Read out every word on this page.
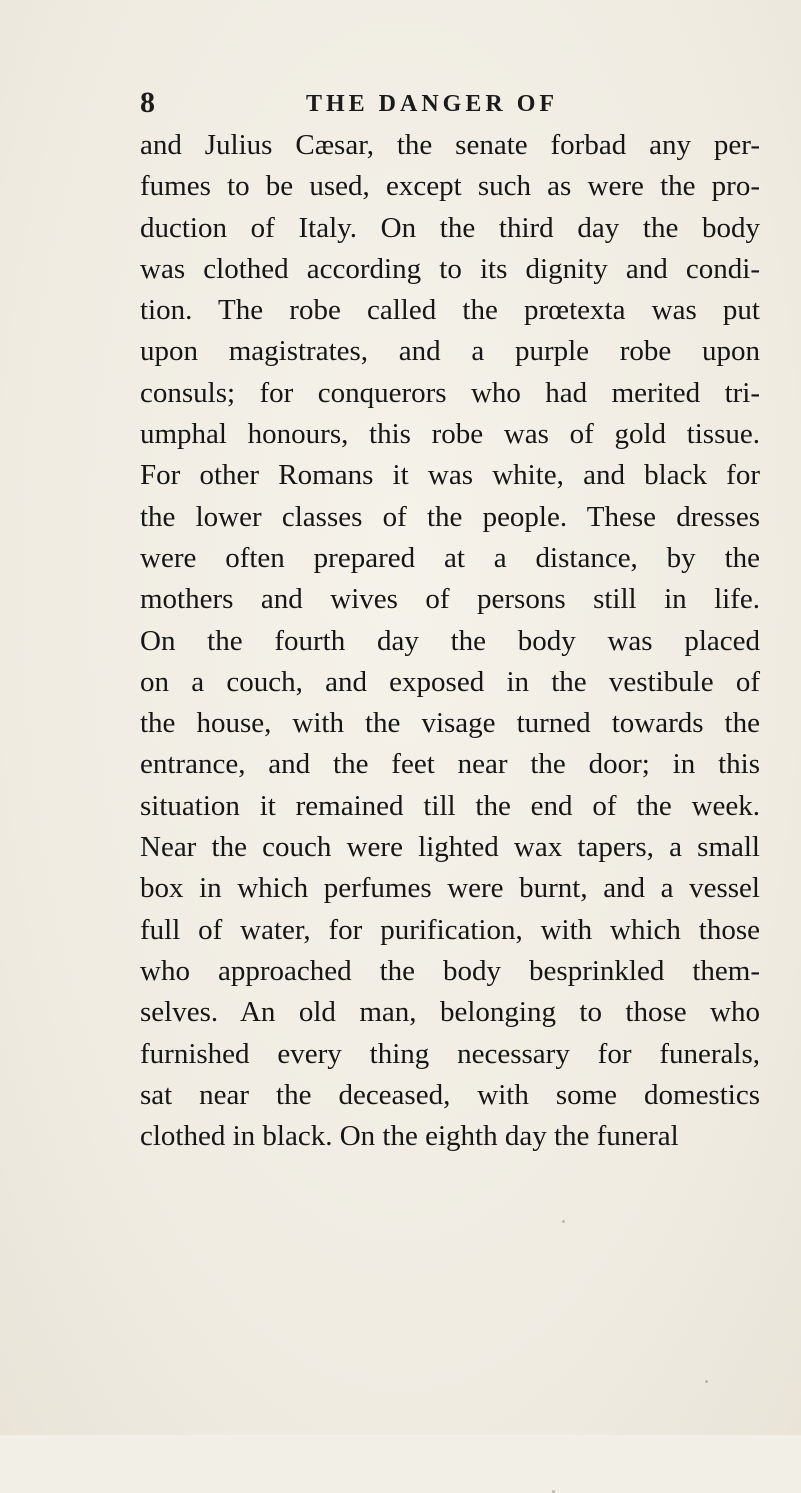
8	THE DANGER OF
and Julius Cæsar, the senate forbad any per-
fumes to be used, except such as were the pro-
duction of Italy. On the third day the body
was clothed according to its dignity and condi-
tion. The robe called the prœtexta was put
upon magistrates, and a purple robe upon
consuls; for conquerors who had merited tri-
umphal honours, this robe was of gold tissue.
For other Romans it was white, and black for
the lower classes of the people. These dresses
were often prepared at a distance, by the
mothers and wives of persons still in life.
On the fourth day the body was placed
on a couch, and exposed in the vestibule of
the house, with the visage turned towards the
entrance, and the feet near the door; in this
situation it remained till the end of the week.
Near the couch were lighted wax tapers, a small
box in which perfumes were burnt, and a vessel
full of water, for purification, with which those
who approached the body besprinkled them-
selves. An old man, belonging to those who
furnished every thing necessary for funerals,
sat near the deceased, with some domestics
clothed in black. On the eighth day the funeral
